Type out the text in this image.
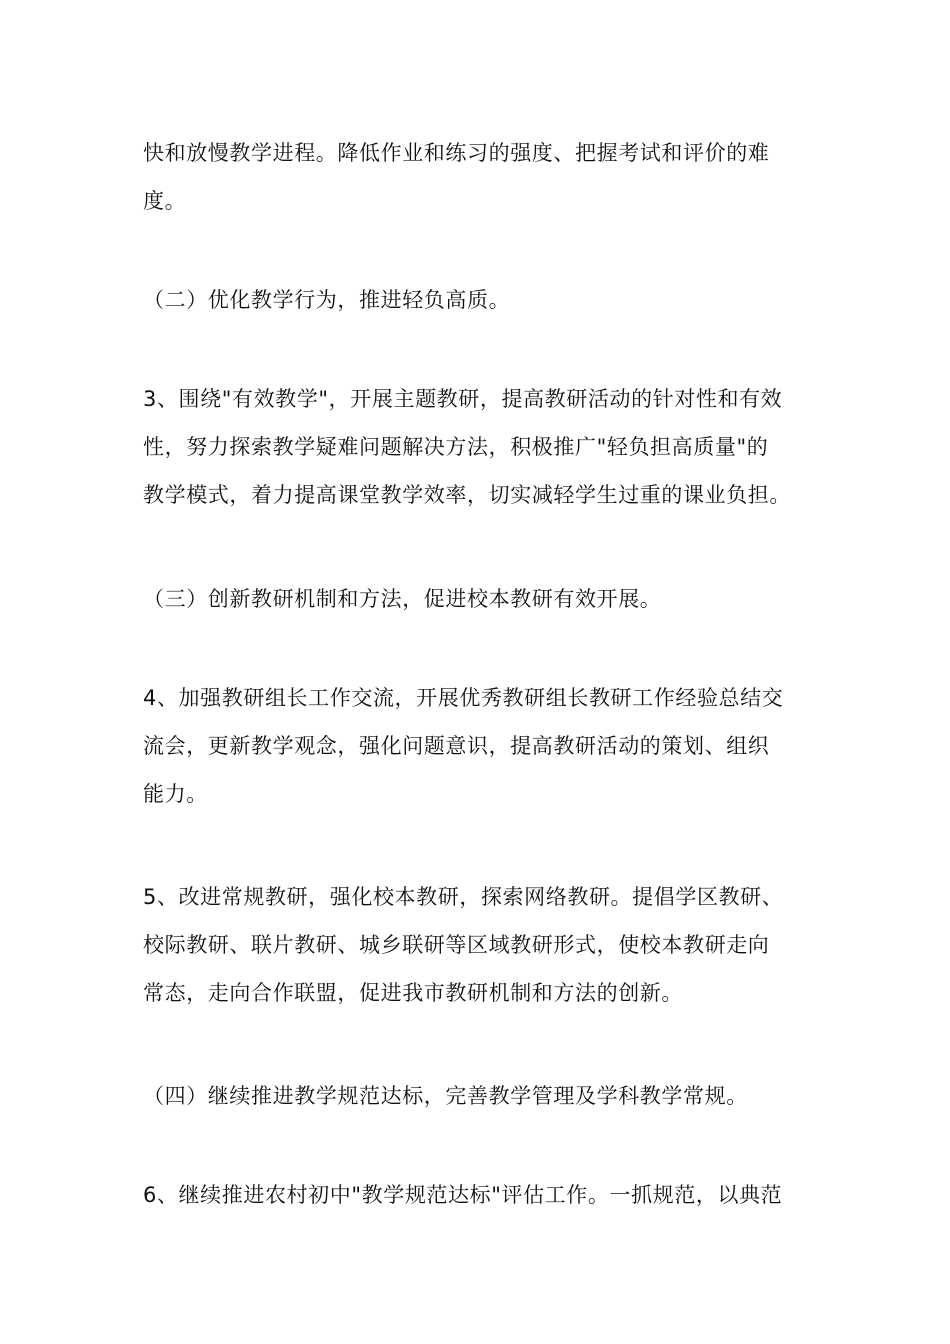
快和放慢教学进程。降低作业和练习的强度、把握考试和评价的难
度。
（二）优化教学行为，推进轻负高质。
3、围绕"有效教学"，开展主题教研，提高教研活动的针对性和有效
性，努力探索教学疑难问题解决方法，积极推广"轻负担高质量"的
教学模式，着力提高课堂教学效率，切实减轻学生过重的课业负担。
（三）创新教研机制和方法，促进校本教研有效开展。
4、加强教研组长工作交流，开展优秀教研组长教研工作经验总结交
流会，更新教学观念，强化问题意识，提高教研活动的策划、组织
能力。
5、改进常规教研，强化校本教研，探索网络教研。提倡学区教研、
校际教研、联片教研、城乡联研等区域教研形式，使校本教研走向
常态，走向合作联盟，促进我市教研机制和方法的创新。
（四）继续推进教学规范达标，完善教学管理及学科教学常规。
6、继续推进农村初中"教学规范达标"评估工作。一抓规范，以典范
